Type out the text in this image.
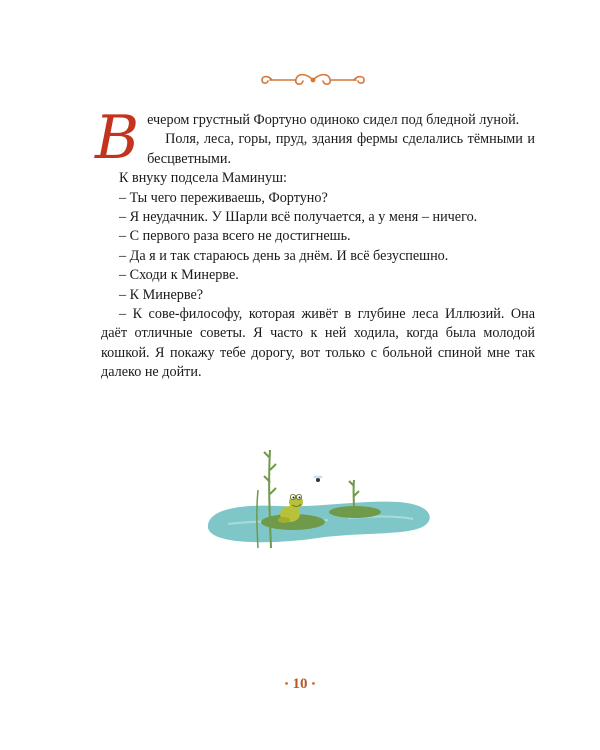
В ечером грустный Фортуно одиноко сидел под бледной луной.

Поля, леса, горы, пруд, здания фермы сделались тёмными и бесцветными.

К внуку подсела Маминуш:

– Ты чего переживаешь, Фортуно?

– Я неудачник. У Шарли всё получается, а у меня – ничего.

– С первого раза всего не достигнешь.

– Да я и так стараюсь день за днём. И всё безуспешно.

– Сходи к Минерве.

– К Минерве?

– К сове-философу, которая живёт в глубине леса Иллюзий. Она даёт отличные советы. Я часто к ней ходила, когда была молодой кошкой. Я покажу тебе дорогу, вот только с больной спиной мне так далеко не дойти.

• 10 •
